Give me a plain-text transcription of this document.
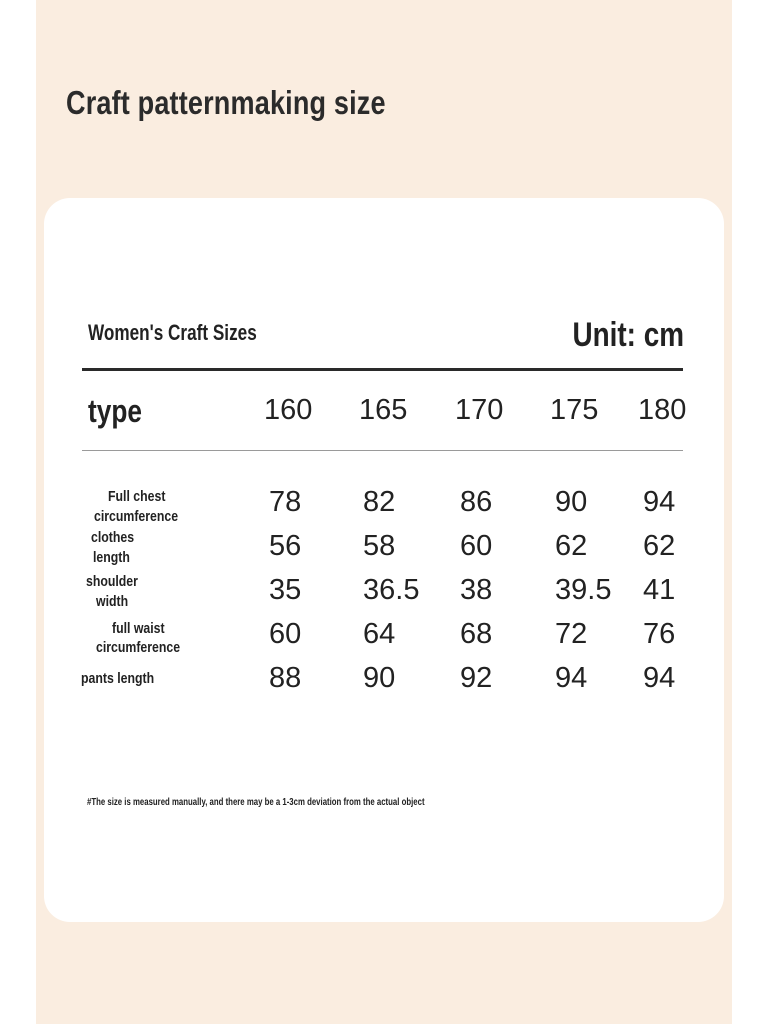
Craft patternmaking size
Women's Craft Sizes	Unit: cm
type	160 165 170 175 180
Full chest
circumference	78 82 86 90 94
clothes
length	56 58 60 62 62
shoulder
width	35 36.5 38 39.5 41
full waist
circumference	60 64 68 72 76
pants length	88 90 92 94 94
#The size is measured manually, and there may be a 1-3cm deviation from the actual object
